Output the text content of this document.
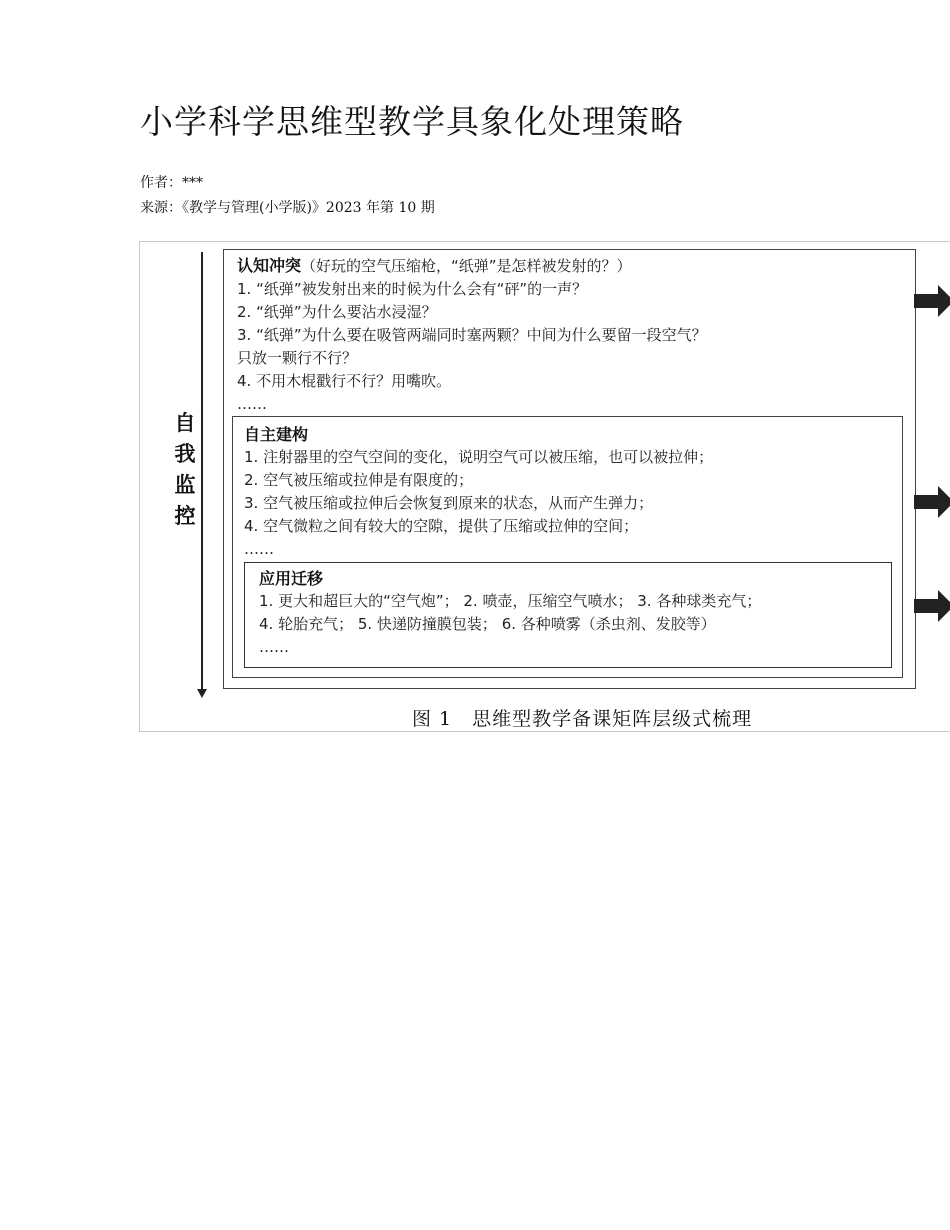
小学科学思维型教学具象化处理策略
作者：***
来源：《教学与管理(小学版)》2023 年第 10 期
自
我
监
控
认知冲突（好玩的空气压缩枪，“纸弹”是怎样被发射的？）
1. “纸弹”被发射出来的时候为什么会有“砰”的一声？
2. “纸弹”为什么要沾水浸湿？
3. “纸弹”为什么要在吸管两端同时塞两颗？中间为什么要留一段空气？
只放一颗行不行？
4. 不用木棍戳行不行？用嘴吹。
……
自主建构
1. 注射器里的空气空间的变化，说明空气可以被压缩，也可以被拉伸；
2. 空气被压缩或拉伸是有限度的；
3. 空气被压缩或拉伸后会恢复到原来的状态，从而产生弹力；
4. 空气微粒之间有较大的空隙，提供了压缩或拉伸的空间；
……
应用迁移
1. 更大和超巨大的“空气炮”； 2. 喷壶，压缩空气喷水； 3. 各种球类充气；
4. 轮胎充气； 5. 快递防撞膜包装； 6. 各种喷雾（杀虫剂、发胶等）
……
图 1　思维型教学备课矩阵层级式梳理
